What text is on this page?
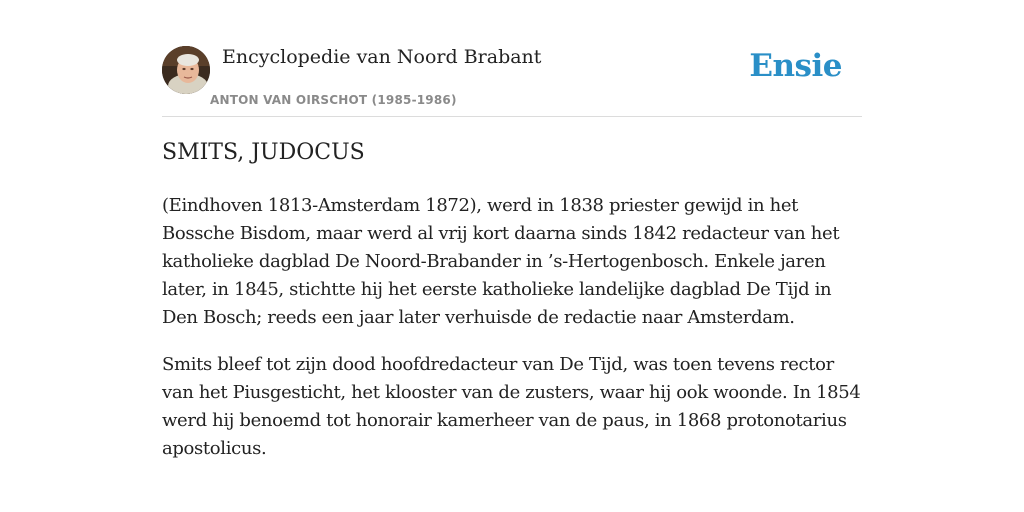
Encyclopedie van Noord Brabant
ANTON VAN OIRSCHOT (1985-1986)
Ensie
SMITS, JUDOCUS

(Eindhoven 1813-Amsterdam 1872), werd in 1838 priester gewijd in het Bossche Bisdom, maar werd al vrij kort daarna sinds 1842 redacteur van het katholieke dagblad De Noord-Brabander in ’s-Hertogenbosch. Enkele jaren later, in 1845, stichtte hij het eerste katholieke landelijke dagblad De Tijd in Den Bosch; reeds een jaar later verhuisde de redactie naar Amsterdam.

Smits bleef tot zijn dood hoofdredacteur van De Tijd, was toen tevens rector van het Piusgesticht, het klooster van de zusters, waar hij ook woonde. In 1854 werd hij benoemd tot honorair kamerheer van de paus, in 1868 protonotarius apostolicus.
